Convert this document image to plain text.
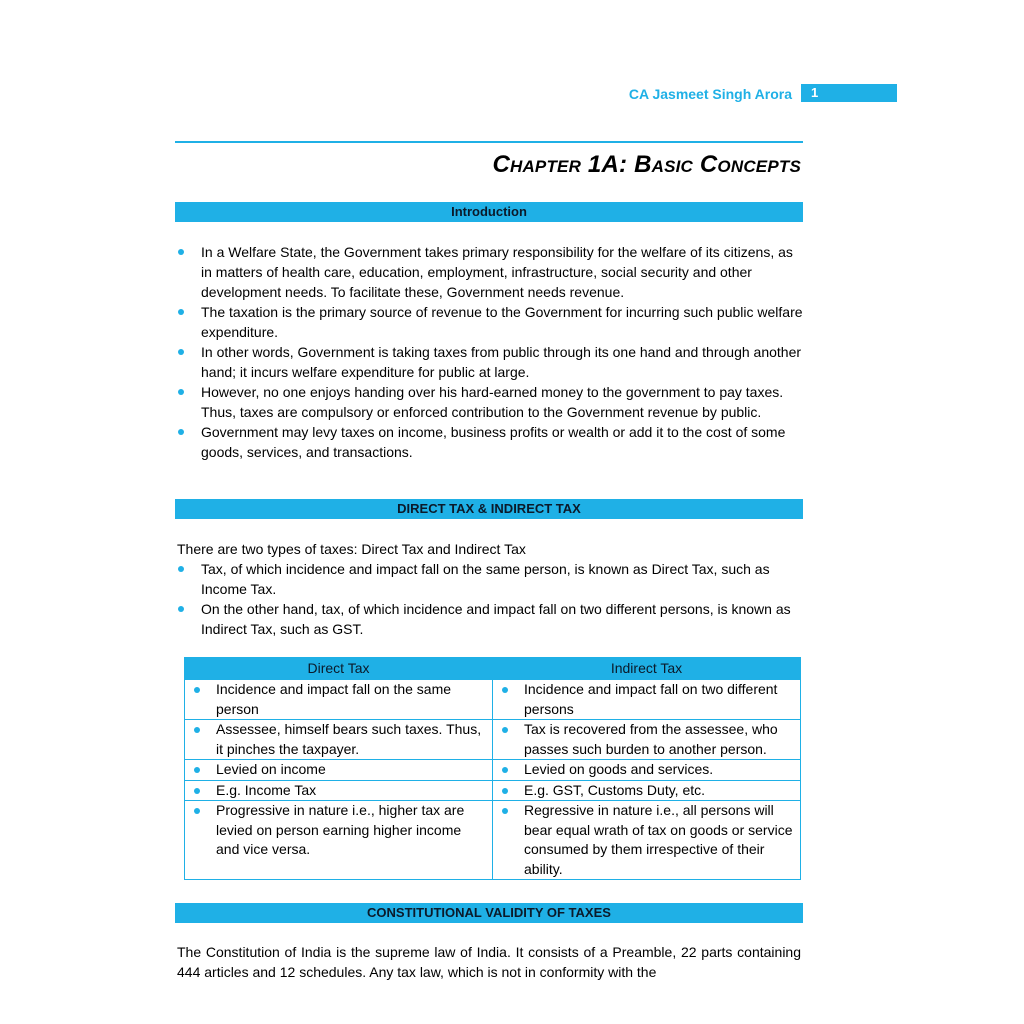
CA Jasmeet Singh Arora	1
Chapter 1A: Basic Concepts
Introduction
In a Welfare State, the Government takes primary responsibility for the welfare of its citizens, as in matters of health care, education, employment, infrastructure, social security and other development needs. To facilitate these, Government needs revenue.
The taxation is the primary source of revenue to the Government for incurring such public welfare expenditure.
In other words, Government is taking taxes from public through its one hand and through another hand; it incurs welfare expenditure for public at large.
However, no one enjoys handing over his hard-earned money to the government to pay taxes. Thus, taxes are compulsory or enforced contribution to the Government revenue by public.
Government may levy taxes on income, business profits or wealth or add it to the cost of some goods, services, and transactions.
DIRECT TAX & INDIRECT TAX
There are two types of taxes: Direct Tax and Indirect Tax
Tax, of which incidence and impact fall on the same person, is known as Direct Tax, such as Income Tax.
On the other hand, tax, of which incidence and impact fall on two different persons, is known as Indirect Tax, such as GST.
Direct Tax	Indirect Tax

Incidence and impact fall on the same person	Incidence and impact fall on two different persons

Assessee, himself bears such taxes. Thus, it pinches the taxpayer.	Tax is recovered from the assessee, who passes such burden to another person.

Levied on income	Levied on goods and services.

E.g. Income Tax	E.g. GST, Customs Duty, etc.

Progressive in nature i.e., higher tax are levied on person earning higher income and vice versa.	Regressive in nature i.e., all persons will bear equal wrath of tax on goods or service consumed by them irrespective of their ability.
CONSTITUTIONAL VALIDITY OF TAXES
The Constitution of India is the supreme law of India. It consists of a Preamble, 22 parts containing 444 articles and 12 schedules. Any tax law, which is not in conformity with the
